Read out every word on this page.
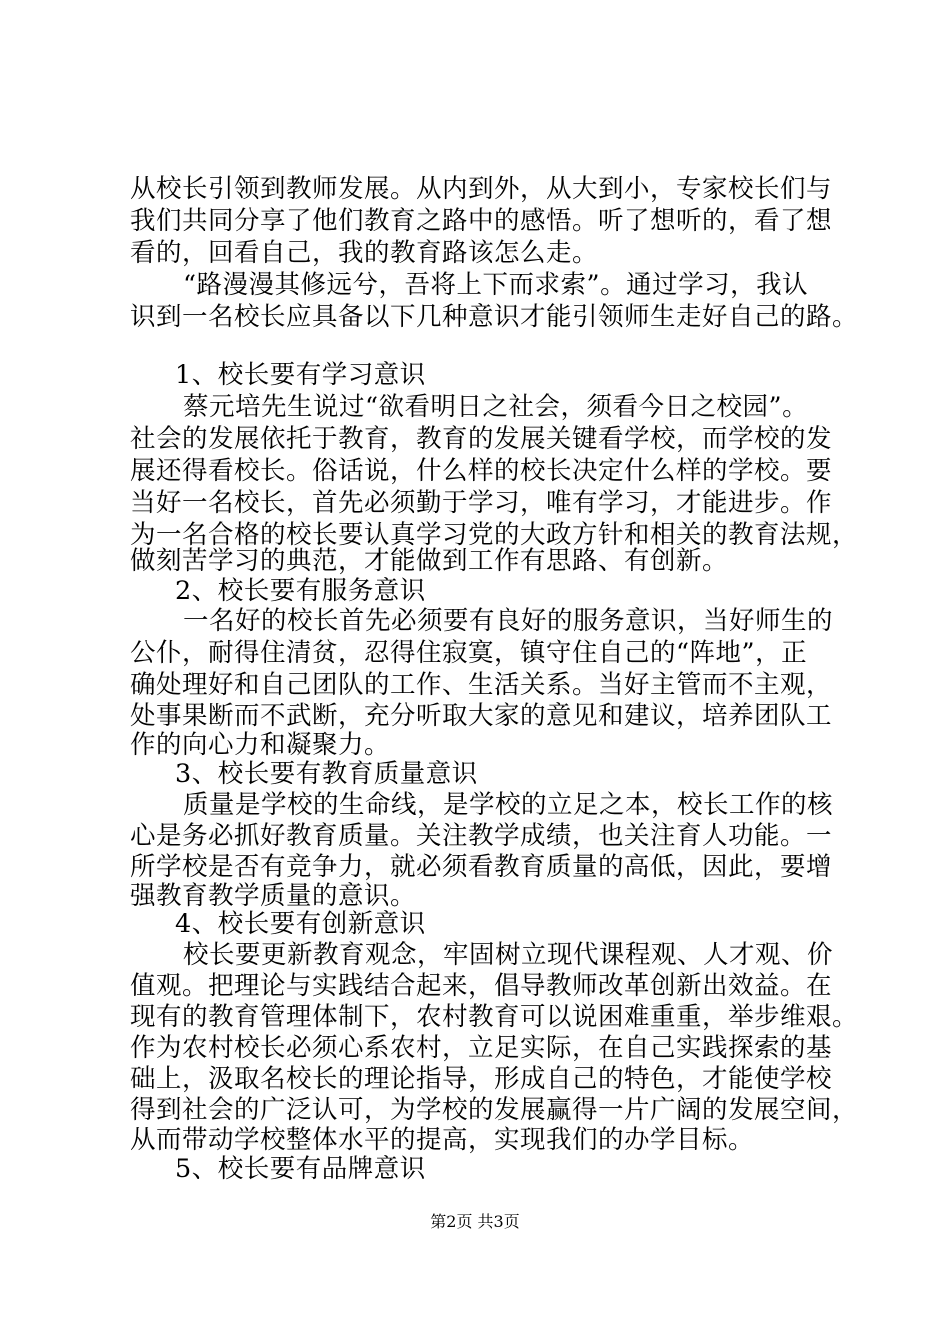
从校长引领到教师发展。从内到外，从大到小，专家校长们与
我们共同分享了他们教育之路中的感悟。听了想听的，看了想
看的，回看自己，我的教育路该怎么走。
“路漫漫其修远兮，吾将上下而求索”。通过学习，我认
识到一名校长应具备以下几种意识才能引领师生走好自己的路。
1、校长要有学习意识
蔡元培先生说过“欲看明日之社会，须看今日之校园”。
社会的发展依托于教育，教育的发展关键看学校，而学校的发
展还得看校长。俗话说，什么样的校长决定什么样的学校。要
当好一名校长，首先必须勤于学习，唯有学习，才能进步。作
为一名合格的校长要认真学习党的大政方针和相关的教育法规，
做刻苦学习的典范，才能做到工作有思路、有创新。
2、校长要有服务意识
一名好的校长首先必须要有良好的服务意识，当好师生的
公仆，耐得住清贫，忍得住寂寞，镇守住自己的“阵地”，正
确处理好和自己团队的工作、生活关系。当好主管而不主观，
处事果断而不武断，充分听取大家的意见和建议，培养团队工
作的向心力和凝聚力。
3、校长要有教育质量意识
质量是学校的生命线，是学校的立足之本，校长工作的核
心是务必抓好教育质量。关注教学成绩，也关注育人功能。一
所学校是否有竞争力，就必须看教育质量的高低，因此，要增
强教育教学质量的意识。
4、校长要有创新意识
校长要更新教育观念，牢固树立现代课程观、人才观、价
值观。把理论与实践结合起来，倡导教师改革创新出效益。在
现有的教育管理体制下，农村教育可以说困难重重，举步维艰。
作为农村校长必须心系农村，立足实际，在自己实践探索的基
础上，汲取名校长的理论指导，形成自己的特色，才能使学校
得到社会的广泛认可，为学校的发展赢得一片广阔的发展空间，
从而带动学校整体水平的提高，实现我们的办学目标。
5、校长要有品牌意识
第2页 共3页
